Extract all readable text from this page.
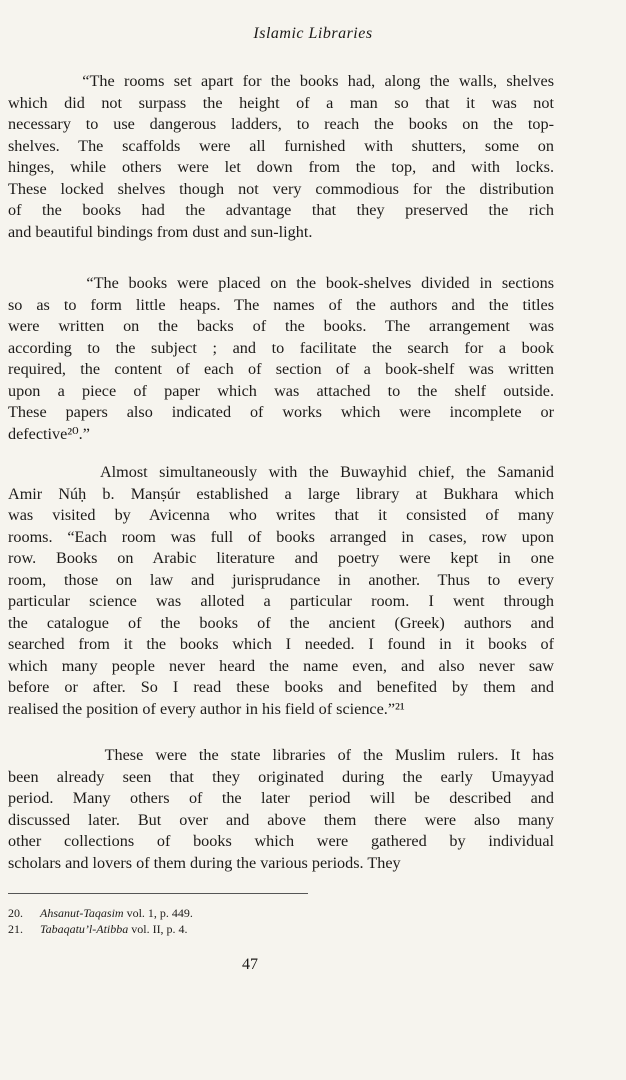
Islamic Libraries
“The rooms set apart for the books had, along the walls, shelves
which did not surpass the height of a man so that it was not
necessary to use dangerous ladders, to reach the books on the top-
shelves. The scaffolds were all furnished with shutters, some on
hinges, while others were let down from the top, and with locks.
These locked shelves though not very commodious for the distribution
of the books had the advantage that they preserved the rich
and beautiful bindings from dust and sun-light.
“The books were placed on the book-shelves divided in sections
so as to form little heaps. The names of the authors and the titles
were written on the backs of the books. The arrangement was
according to the subject ; and to facilitate the search for a book
required, the content of each of section of a book-shelf was written
upon a piece of paper which was attached to the shelf outside.
These papers also indicated of works which were incomplete or
defective²⁰.”
Almost simultaneously with the Buwayhid chief, the Samanid
Amir Núḥ b. Manṣúr established a large library at Bukhara which
was visited by Avicenna who writes that it consisted of many
rooms. “Each room was full of books arranged in cases, row upon
row. Books on Arabic literature and poetry were kept in one
room, those on law and jurisprudance in another. Thus to every
particular science was alloted a particular room. I went through
the catalogue of the books of the ancient (Greek) authors and
searched from it the books which I needed. I found in it books of
which many people never heard the name even, and also never saw
before or after. So I read these books and benefited by them and
realised the position of every author in his field of science.”²¹
These were the state libraries of the Muslim rulers. It has
been already seen that they originated during the early Umayyad
period. Many others of the later period will be described and
discussed later. But over and above them there were also many
other collections of books which were gathered by individual
scholars and lovers of them during the various periods. They
20. Ahsanut-Taqasim vol. 1, p. 449.
21. Tabaqatu’l-Atibba vol. II, p. 4.
47
